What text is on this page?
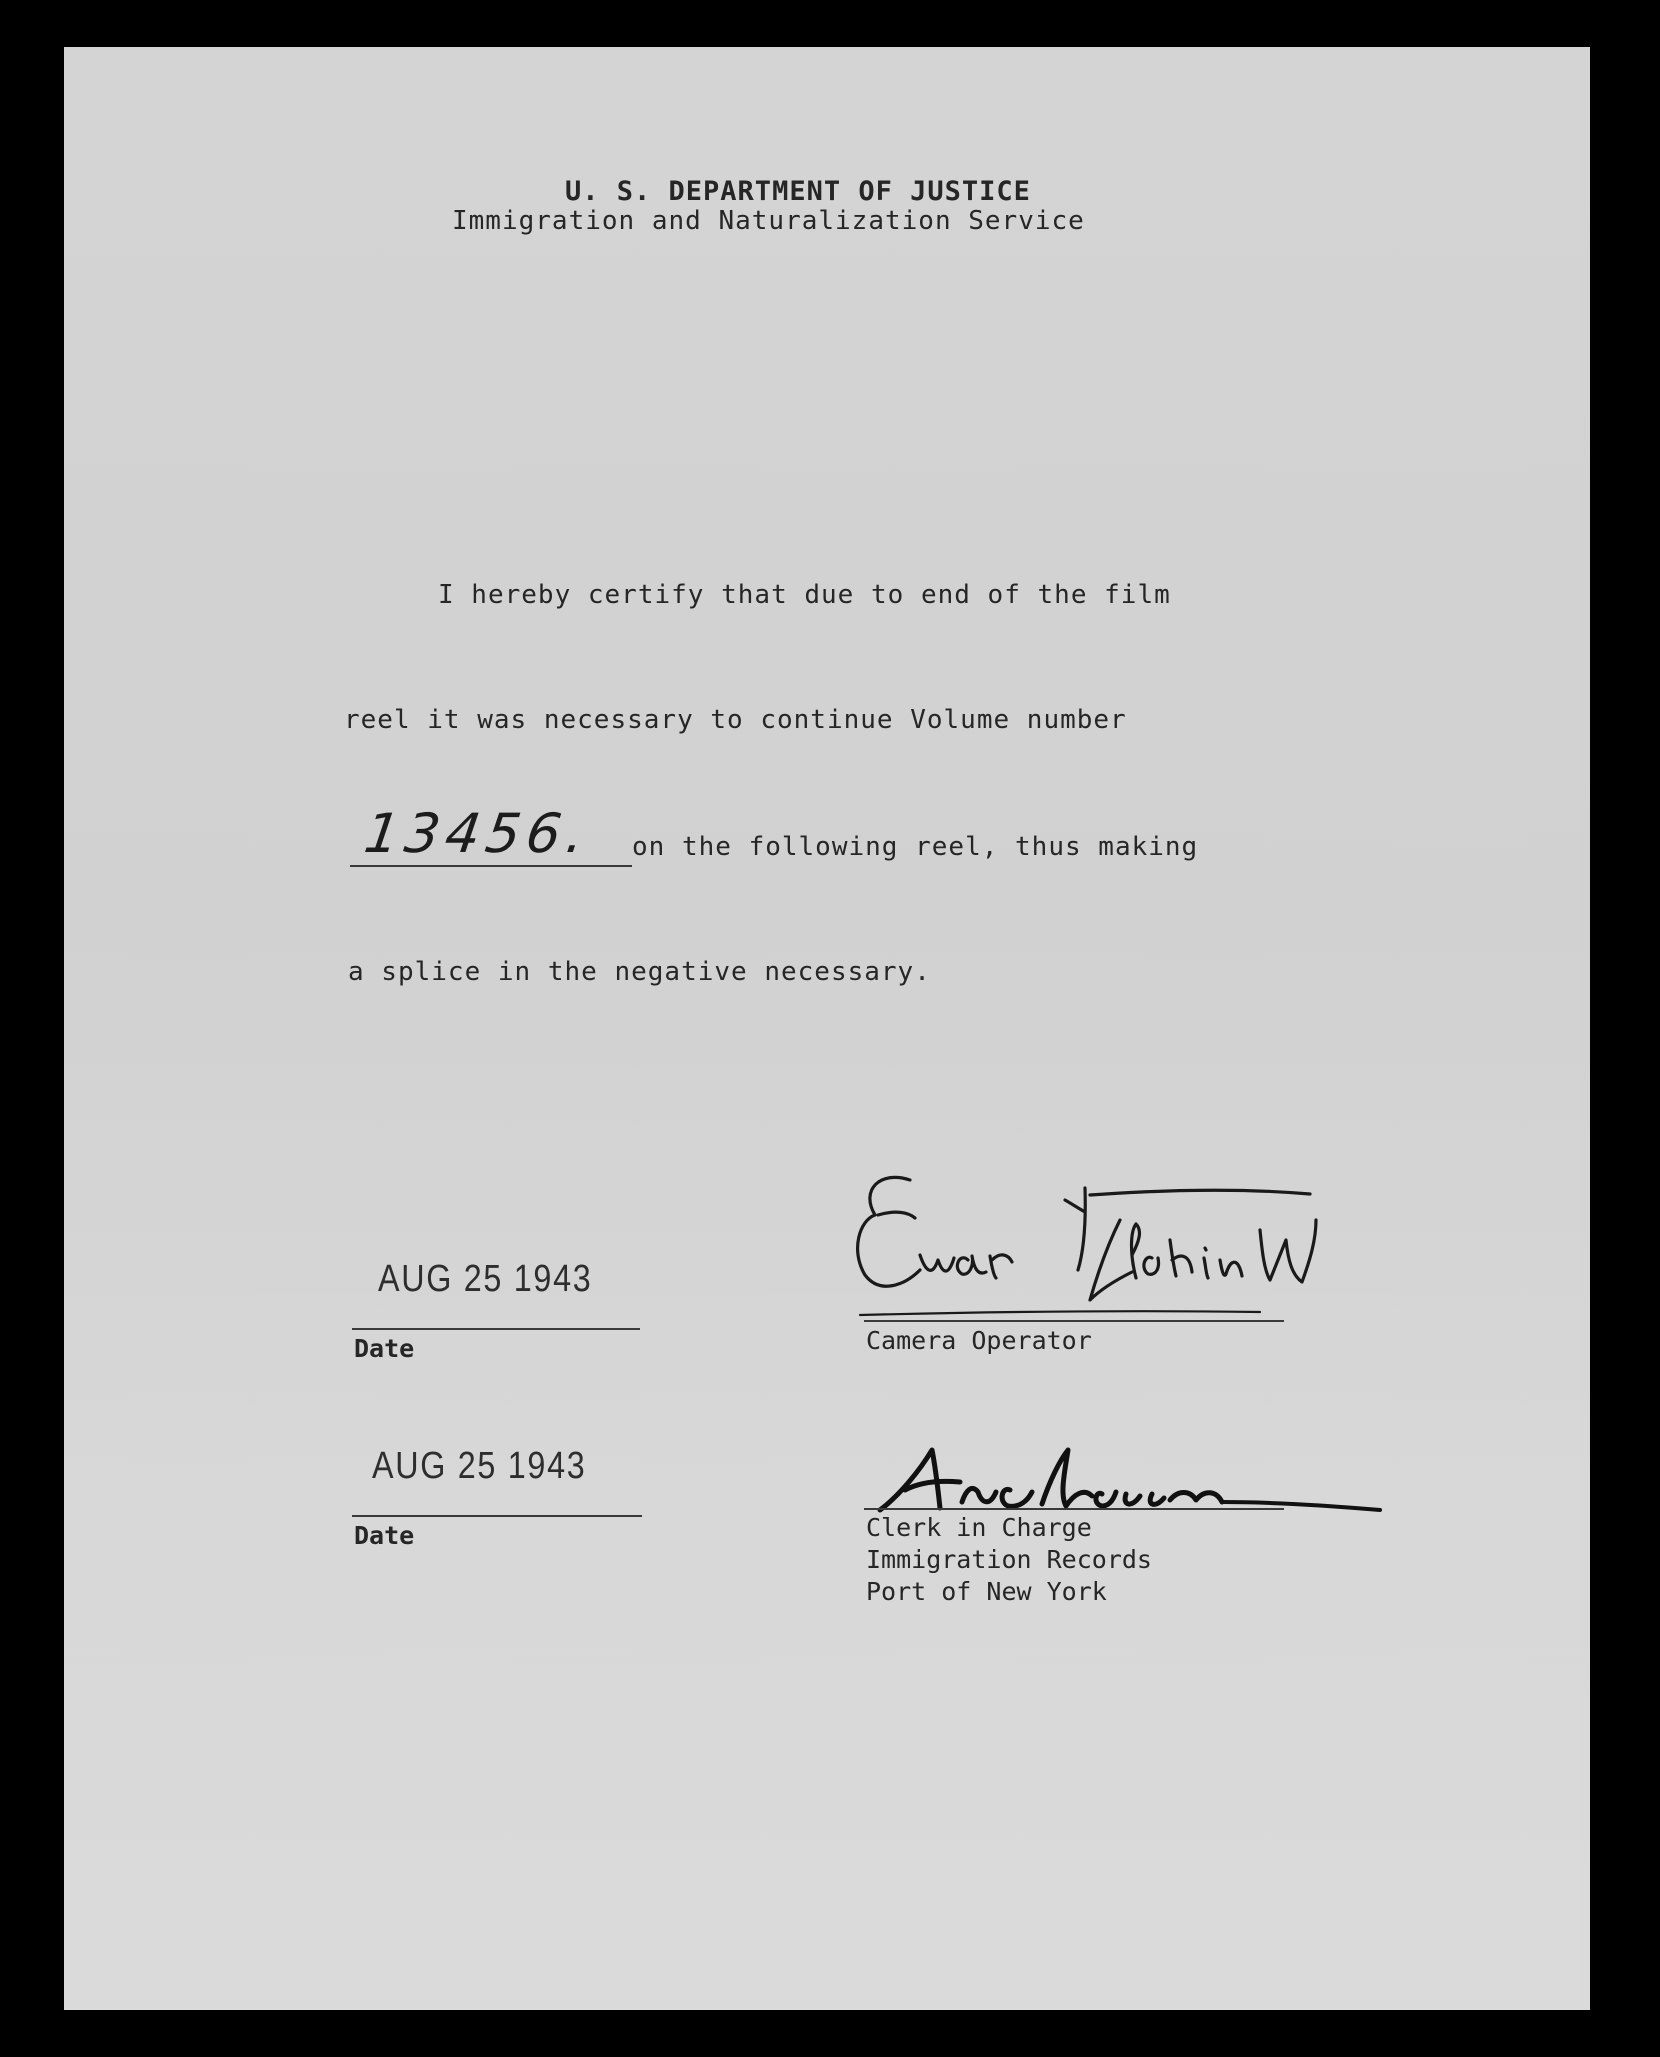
U. S. DEPARTMENT OF JUSTICE

Immigration and Naturalization Service

I hereby certify that due to end of the film

reel it was necessary to continue Volume number

13456. on the following reel, thus making

a splice in the negative necessary.

AUG 25 1943

Date	Camera Operator

AUG 25 1943

Date	Clerk in Charge

Immigration Records

Port of New York
